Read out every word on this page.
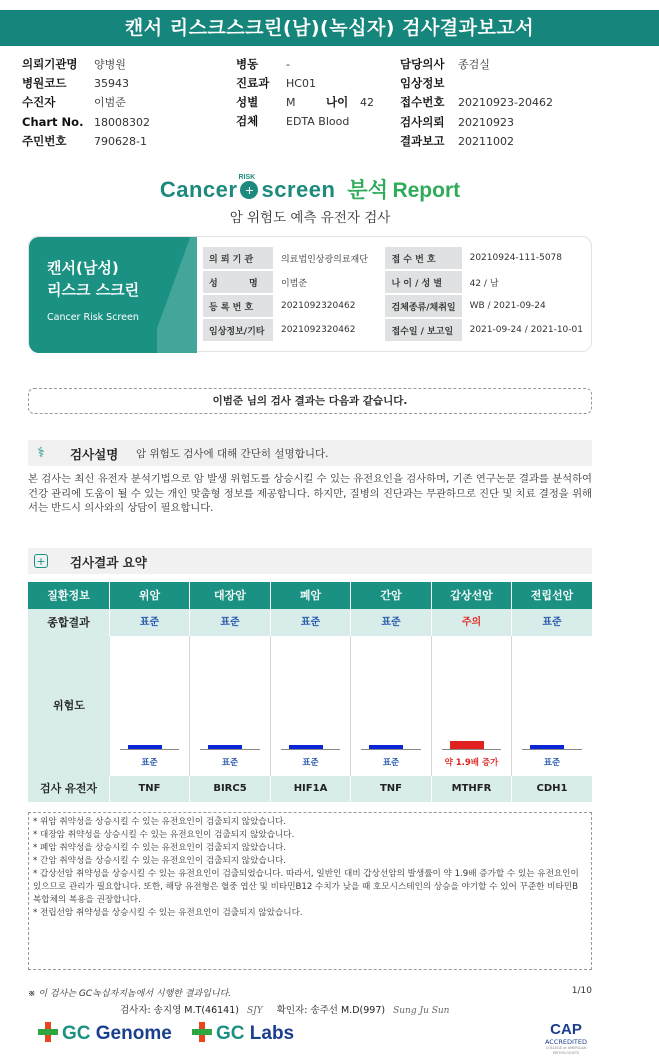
캔서 리스크스크린(남)(녹십자) 검사결과보고서
의뢰기관명 양병원
병원코드	35943
수진자	이범준
Chart No. 18008302
주민번호	790628-1
병동	-
진료과 HC01
성별	M	나이 42
검체	EDTA Blood
담당의사 종검실
임상정보
접수번호 20210923-20462
검사의뢰 20210923
결과보고 20211002
Cancer RISK
+ screen 분석 Report
암 위험도 예측 유전자 검사
캔서(남성)
리스크 스크린
Cancer Risk Screen
의 뢰 기 관	의료법인상광의료재단	접 수 번 호	20210924-111-5078
성          명	이범준	나 이 / 성 별	42 / 남
등 록 번 호	2021092320462	검체종류/채취일	WB / 2021-09-24
임상정보/기타	2021092320462	접수일 / 보고일	2021-09-24 / 2021-10-01
이범준 님의 검사 결과는 다음과 같습니다.
⚕	검사설명 암 위험도 검사에 대해 간단히 설명합니다.
본 검사는 최신 유전자 분석기법으로 암 발생 위험도를 상승시킬 수 있는 유전요인을 검사하며, 기존 연구논문 결과를 분석하여 건강 관리에 도움이 될 수 있는 개인 맞춤형 정보를 제공합니다. 하지만, 질병의 진단과는 무관하므로 진단 및 치료 결정을 위해서는 반드시 의사와의 상담이 필요합니다.
+ 검사결과 요약
질환정보	위암	대장암	폐암	간암	갑상선암	전립선암
종합결과	표준	표준	표준	표준	주의	표준
위험도
표준	표준	표준	표준	약 1.9배 증가	표준
검사 유전자	TNF	BIRC5	HIF1A	TNF	MTHFR	CDH1

* 위암 취약성을 상승시킬 수 있는 유전요인이 검출되지 않았습니다.

* 대장암 취약성을 상승시킬 수 있는 유전요인이 검출되지 않았습니다.

* 폐암 취약성을 상승시킬 수 있는 유전요인이 검출되지 않았습니다.

* 간암 취약성을 상승시킬 수 있는 유전요인이 검출되지 않았습니다.

* 갑상선암 취약성을 상승시킬 수 있는 유전요인이 검출되었습니다. 따라서, 일반인 대비 갑상선암의 발생률이 약 1.9배 증가할 수 있는 유전요인이 있으므로 관리가 필요합니다. 또한, 해당 유전형은 혈중 엽산 및 비타민B12 수치가 낮을 때 호모시스테인의 상승을 야기할 수 있어 꾸준한 비타민B 복합체의 복용을 권장합니다.

* 전립선암 취약성을 상승시킬 수 있는 유전요인이 검출되지 않았습니다.

※ 이 검사는 GC녹십자지놈에서 시행한 결과입니다.	1/10
검사자: 송지영 M.T(46141) SJY 확인자: 송주선 M.D(997) Sung Ju Sun
GC Genome	GC Labs	CAP
ACCREDITED
COLLEGE of AMERICAN PATHOLOGISTS
